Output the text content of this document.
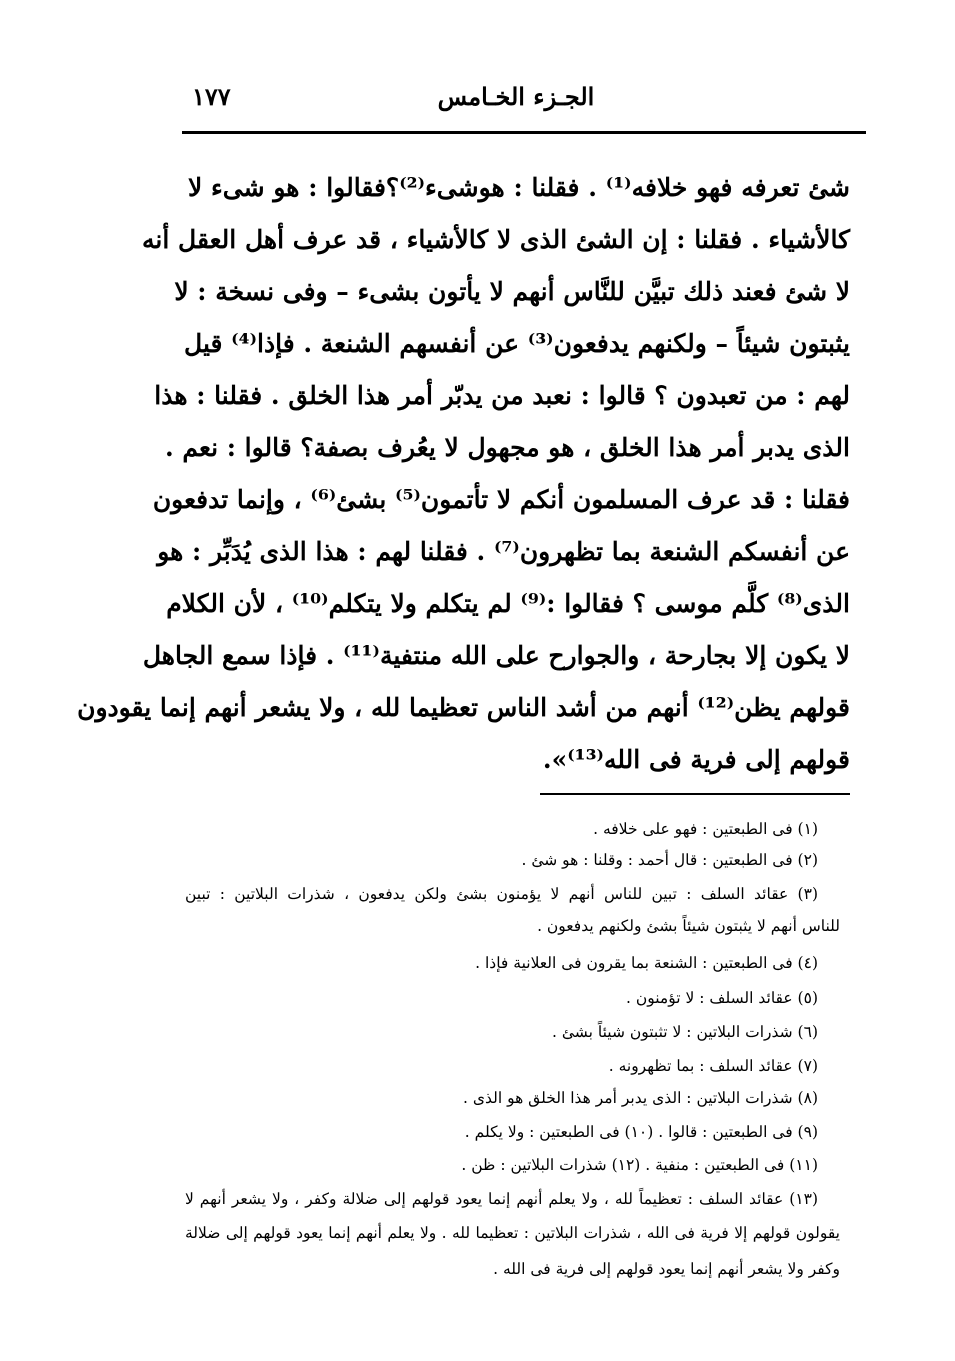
الجـزء الخـامس
١٧٧
شئ تعرفه فهو خلافه⁽¹⁾ . فقلنا : هوشىء⁽²⁾؟فقالوا : هو شىء لا
كالأشياء . فقلنا : إن الشئ الذى لا كالأشياء ، قد عرف أهل العقل أنه
لا شئ فعند ذلك تبيَّن للنَّاس أنهم لا يأتون بشىء – وفى نسخة : لا
يثبتون شيئاً – ولكنهم يدفعون⁽³⁾ عن أنفسهم الشنعة . فإذا⁽⁴⁾ قيل
لهم : من تعبدون ؟ قالوا : نعبد من يدبّر أمر هذا الخلق . فقلنا : هذا
الذى يدبر أمر هذا الخلق ، هو مجهول لا يعُرف بصفة؟ قالوا : نعم .
فقلنا : قد عرف المسلمون أنكم لا تأتمون⁽⁵⁾ بشئ⁽⁶⁾ ، وإنما تدفعون
عن أنفسكم الشنعة بما تظهرون⁽⁷⁾ . فقلنا لهم : هذا الذى يُدَبِّر : هو
الذى⁽⁸⁾ كلَّم موسى ؟ فقالوا :⁽⁹⁾ لم يتكلم ولا يتكلم⁽¹⁰⁾ ، لأن الكلام
لا يكون إلا بجارحة ، والجوارح على الله منتفية⁽¹¹⁾ . فإذا سمع الجاهل
قولهم يظن⁽¹²⁾ أنهم من أشد الناس تعظيما لله ، ولا يشعر أنهم إنما يقودون
قولهم إلى فرية فى الله⁽¹³⁾».
(١) فى الطبعتين : فهو على خلافه .
(٢) فى الطبعتين : قال أحمد : وقلنا : هو شئ .
(٣) عقائد السلف : تبين للناس أنهم لا يؤمنون بشئ ولكن يدفعون ، شذرات البلاتين : تبين
للناس أنهم لا يثبتون شيئاً بشئ ولكنهم يدفعون .
(٤) فى الطبعتين : الشنعة بما يقرون فى العلانية فإذا .
(٥) عقائد السلف : لا تؤمنون .
(٦) شذرات البلاتين : لا تثبتون شيئاً بشئ .
(٧) عقائد السلف : بما تظهرونه .
(٨) شذرات البلاتين : الذى يدبر أمر هذا الخلق هو الذى .
(٩) فى الطبعتين : قالوا . (١٠) فى الطبعتين : ولا يكلم .
(١١) فى الطبعتين : منفية . (١٢) شذرات البلاتين : ظن .
(١٣) عقائد السلف : تعظيماً لله ، ولا يعلم أنهم إنما يعود قولهم إلى ضلالة وكفر ، ولا يشعر أنهم لا
يقولون قولهم إلا فرية فى الله ، شذرات البلاتين : تعظيما لله . ولا يعلم أنهم إنما يعود قولهم إلى ضلالة
وكفر ولا يشعر أنهم إنما يعود قولهم إلى فرية فى الله .
